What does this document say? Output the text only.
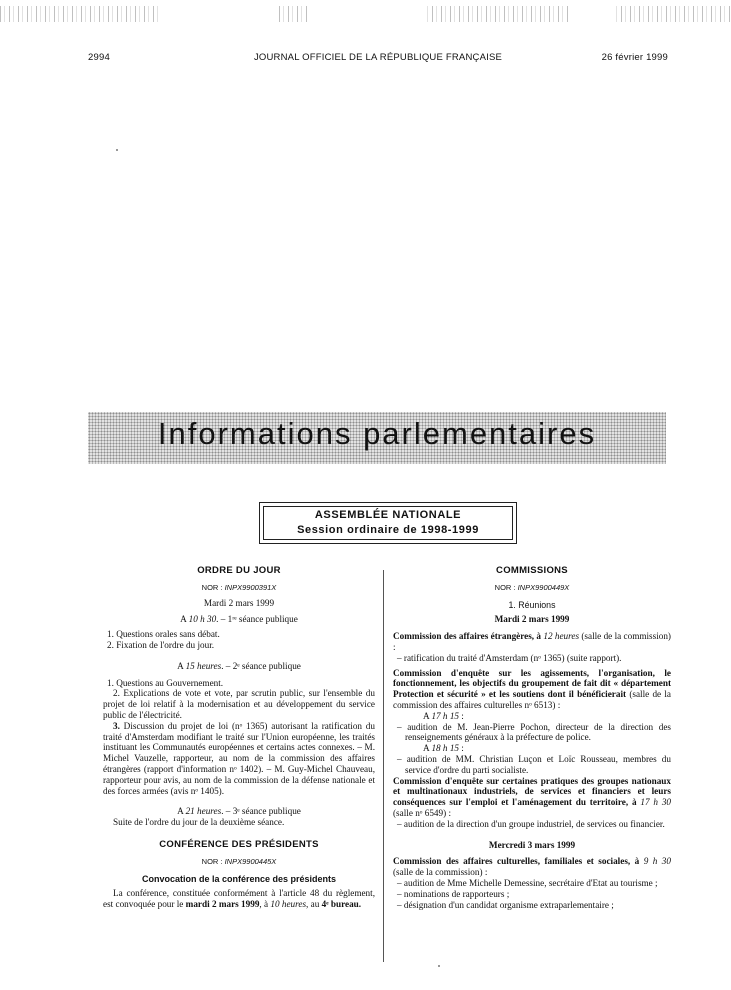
2994	JOURNAL OFFICIEL DE LA RÉPUBLIQUE FRANÇAISE	26 février 1999
Informations parlementaires
ASSEMBLÉE NATIONALE
Session ordinaire de 1998-1999
ORDRE DU JOUR
NOR : INPX9900391X
Mardi 2 mars 1999
A 10 h 30. – 1ʳᵉ séance publique
1. Questions orales sans débat.
2. Fixation de l'ordre du jour.
A 15 heures. – 2ᵉ séance publique
1. Questions au Gouvernement.
2. Explications de vote et vote, par scrutin public, sur l'ensemble du projet de loi relatif à la modernisation et au développement du service public de l'électricité.
3. Discussion du projet de loi (nᵒ 1365) autorisant la ratification du traité d'Amsterdam modifiant le traité sur l'Union européenne, les traités instituant les Communautés européennes et certains actes connexes. – M. Michel Vauzelle, rapporteur, au nom de la commission des affaires étrangères (rapport d'information nᵒ 1402). – M. Guy-Michel Chauveau, rapporteur pour avis, au nom de la commission de la défense nationale et des forces armées (avis nᵒ 1405).
A 21 heures. – 3ᵉ séance publique
Suite de l'ordre du jour de la deuxième séance.
CONFÉRENCE DES PRÉSIDENTS
NOR : INPX9900445X
Convocation de la conférence des présidents
La conférence, constituée conformément à l'article 48 du règlement, est convoquée pour le mardi 2 mars 1999, à 10 heures, au 4ᵉ bureau.
COMMISSIONS
NOR : INPX9900449X
1. Réunions
Mardi 2 mars 1999
Commission des affaires étrangères, à 12 heures (salle de la commission) :
– ratification du traité d'Amsterdam (nᵒ 1365) (suite rapport).
Commission d'enquête sur les agissements, l'organisation, le fonctionnement, les objectifs du groupement de fait dit « département Protection et sécurité » et les soutiens dont il bénéficierait (salle de la commission des affaires culturelles nᵒ 6513) :
A 17 h 15 :
– audition de M. Jean-Pierre Pochon, directeur de la direction des renseignements généraux à la préfecture de police.
A 18 h 15 :
– audition de MM. Christian Luçon et Loïc Rousseau, membres du service d'ordre du parti socialiste.
Commission d'enquête sur certaines pratiques des groupes nationaux et multinationaux industriels, de services et financiers et leurs conséquences sur l'emploi et l'aménagement du territoire, à 17 h 30 (salle nᵒ 6549) :
– audition de la direction d'un groupe industriel, de services ou financier.
Mercredi 3 mars 1999
Commission des affaires culturelles, familiales et sociales, à 9 h 30 (salle de la commission) :
– audition de Mme Michelle Demessine, secrétaire d'Etat au tourisme ;
– nominations de rapporteurs ;
– désignation d'un candidat organisme extraparlementaire ;
